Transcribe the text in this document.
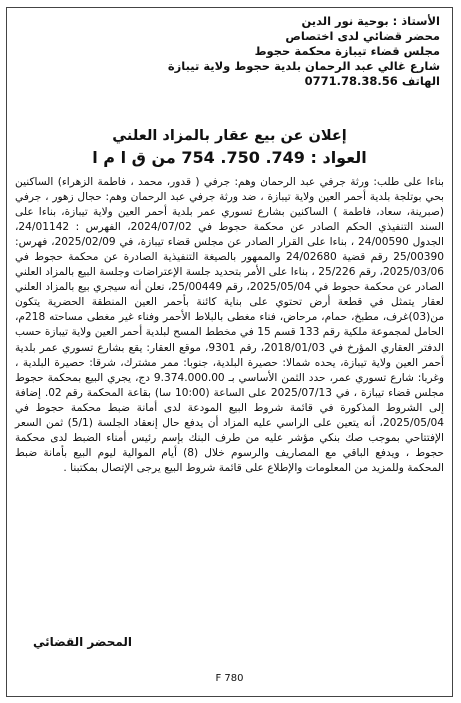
الأستاذ : بوحية نور الدين
محضر قضائي لدى اختصاص
مجلس قضاء تيبازة محكمة حجوط
شارع غالي عبد الرحمان بلدية حجوط ولاية تيبازة
0771.78.38.56 الهاتف
إعلان عن بيع عقار بالمزاد العلني
العواد : 749. 750. 754 من ق ا م ا

بناءا على طلب: ورثة جرفي عبد الرحمان وهم: جرفي ( قدور، محمد ، فاطمة الزهراء) الساكنين بحي بوتلجة بلدية أحمر العين ولاية تيبازة ، ضد ورثة جرفي عبد الرحمان وهم: حجال زهور ، جرفي (صبرينة، سعاد، فاطمة ) الساكنين بشارع تسوري عمر بلدية أحمر العين ولاية تيبازة، بناءا على السند التنفيذي الحكم الصادر عن محكمة حجوط في 2024/07/02، الفهرس : 24/01142، الجدول 24/00590 ، بناءا على القرار الصادر عن مجلس قضاء تيبازة، في 2025/02/09، فهرس: 25/00390 رقم قضية 24/02680 والممهور بالصيغة التنفيذية الصادرة عن محكمة حجوط في 2025/03/06، رقم 25/226 ، بناءا على الأمر بتحديد جلسة الإعتراضات وجلسة البيع بالمزاد العلني الصادر عن محكمة حجوط في 2025/05/04، رقم 25/00449، نعلن أنه سيجري بيع بالمزاد العلني لعقار يتمثل في قطعة أرض تحتوي على بناية كائنة بأحمر العين المنطقة الحضرية يتكون من(03)غرف، مطبخ، حمام، مرحاض، فناء مغطى بالبلاط الأحمر وفناء غير مغطى مساحته 218م، الحامل لمجموعة ملكية رقم 133 قسم 15 في مخطط المسح لبلدية أحمر العين ولاية تيبازة حسب الدفتر العقاري المؤرخ في 2018/01/03، رقم 9301، موقع العقار: يقع بشارع تسوري عمر بلدية أحمر العين ولاية تيبازة، يحده شمالا: حصيرة البلدية، جنوبا: ممر مشترك، شرقا: حصيرة البلدية ، وغربا: شارع تسوري عمر، حدد الثمن الأساسي بـ 9.374.000.00 دج، يجري البيع بمحكمة حجوط مجلس قضاء تيبازة ، في 2025/07/13 على الساعة (10:00 سا) بقاعة المحكمة رقم 02. إضافة إلى الشروط المذكورة في قائمة شروط البيع المودعة لدى أمانة ضبط محكمة حجوط في 2025/05/04، أنه يتعين على الراسي عليه المزاد أن يدفع حال إنعقاد الجلسة (5/1) ثمن السعر الإفتتاحي بموجب صك بنكي مؤشر عليه من طرف البنك بإسم رئيس أمناء الضبط لدى محكمة حجوط ، ويدفع الباقي مع المصاريف والرسوم خلال (8) أيام الموالية ليوم البيع بأمانة ضبط المحكمة وللمزيد من المعلومات والإطلاع على قائمة شروط البيع يرجى الإتصال بمكتبنا .

المحضر القضائي
F 780
